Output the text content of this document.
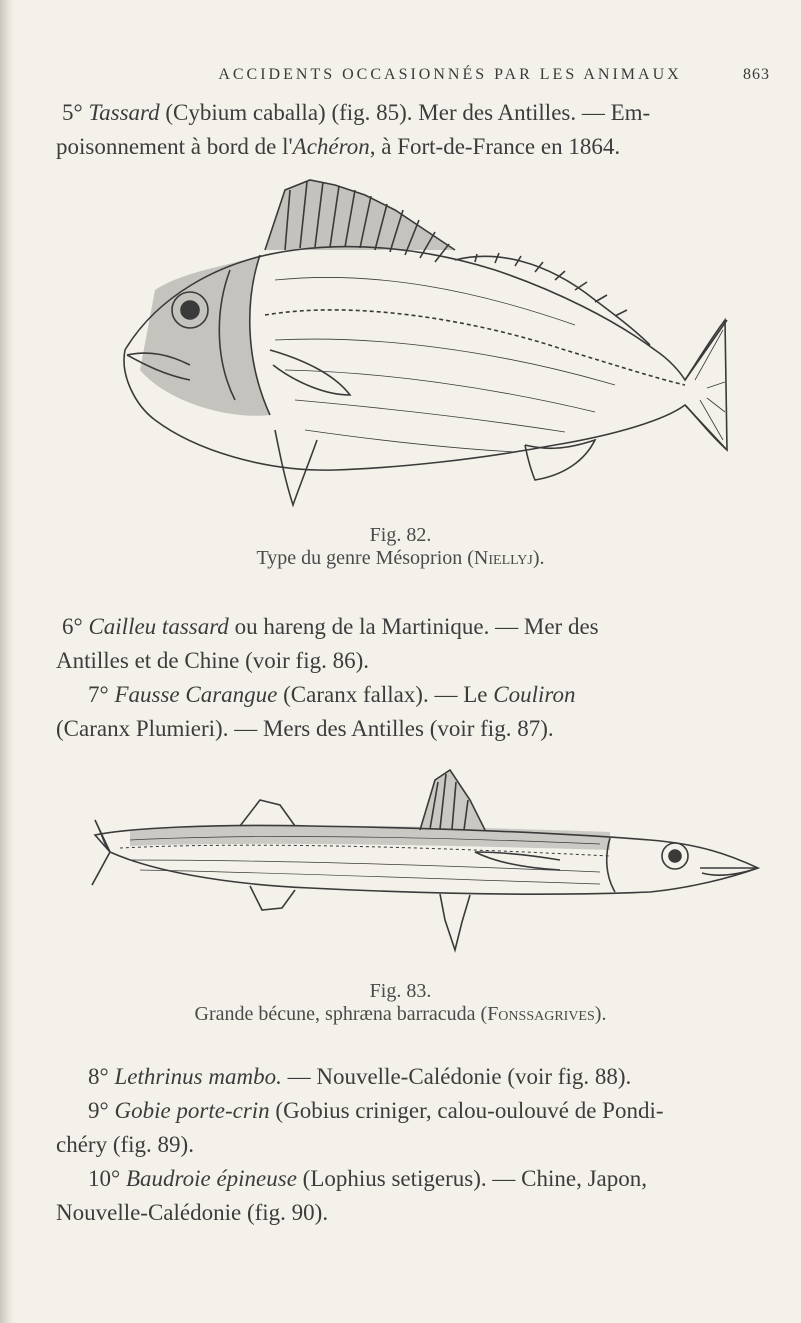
ACCIDENTS OCCASIONNÉS PAR LES ANIMAUX	863
5° Tassard (Cybium caballa) (fig. 85). Mer des Antilles. — Em-
poisonnement à bord de l'Achéron, à Fort-de-France en 1864.
Fig. 82.
Type du genre Mésoprion (Niellyj).
6° Cailleu tassard ou hareng de la Martinique. — Mer des
Antilles et de Chine (voir fig. 86).
7° Fausse Carangue (Caranx fallax). — Le Couliron
(Caranx Plumieri). — Mers des Antilles (voir fig. 87).
Fig. 83.
Grande bécune, sphræna barracuda (Fonssagrives).
8° Lethrinus mambo. — Nouvelle-Calédonie (voir fig. 88).
9° Gobie porte-crin (Gobius criniger, calou-oulouvé de Pondi-
chéry (fig. 89).
10° Baudroie épineuse (Lophius setigerus). — Chine, Japon,
Nouvelle-Calédonie (fig. 90).
